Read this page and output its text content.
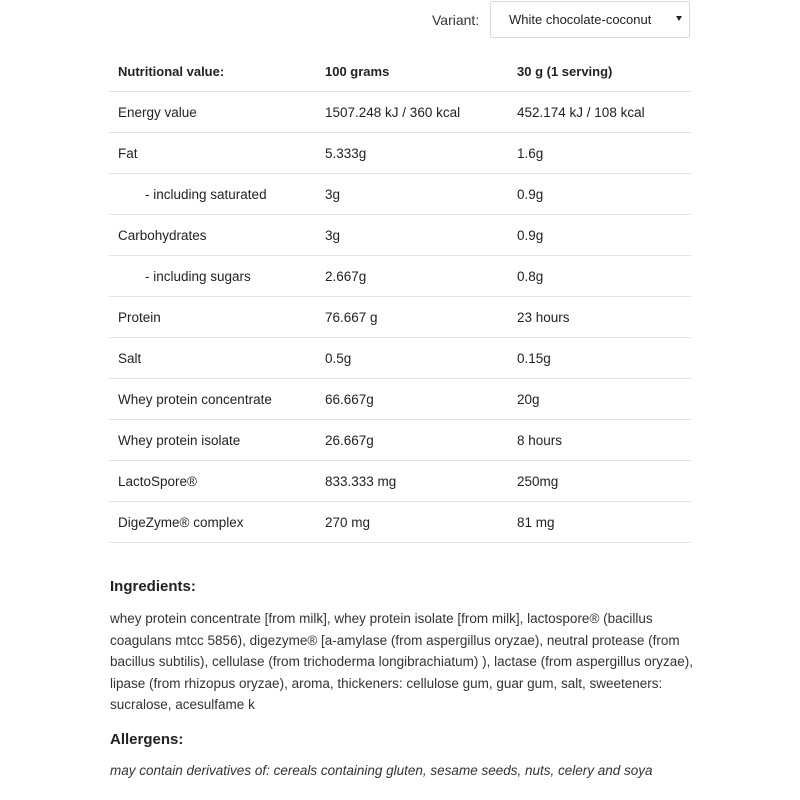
Variant: White chocolate-coconut
Nutritional value:	100 grams	30 g (1 serving)
Energy value	1507.248 kJ / 360 kcal	452.174 kJ / 108 kcal
Fat	5.333g	1.6g
- including saturated	3g	0.9g
Carbohydrates	3g	0.9g
- including sugars	2.667g	0.8g
Protein	76.667 g	23 hours
Salt	0.5g	0.15g
Whey protein concentrate	66.667g	20g
Whey protein isolate	26.667g	8 hours
LactoSpore®	833.333 mg	250mg
DigeZyme® complex	270 mg	81 mg
Ingredients:
whey protein concentrate [from milk], whey protein isolate [from milk], lactospore® (bacillus coagulans mtcc 5856), digezyme® [a-amylase (from aspergillus oryzae), neutral protease (from bacillus subtilis), cellulase (from trichoderma longibrachiatum) ), lactase (from aspergillus oryzae), lipase (from rhizopus oryzae), aroma, thickeners: cellulose gum, guar gum, salt, sweeteners: sucralose, acesulfame k
Allergens:
may contain derivatives of: cereals containing gluten, sesame seeds, nuts, celery and soya
